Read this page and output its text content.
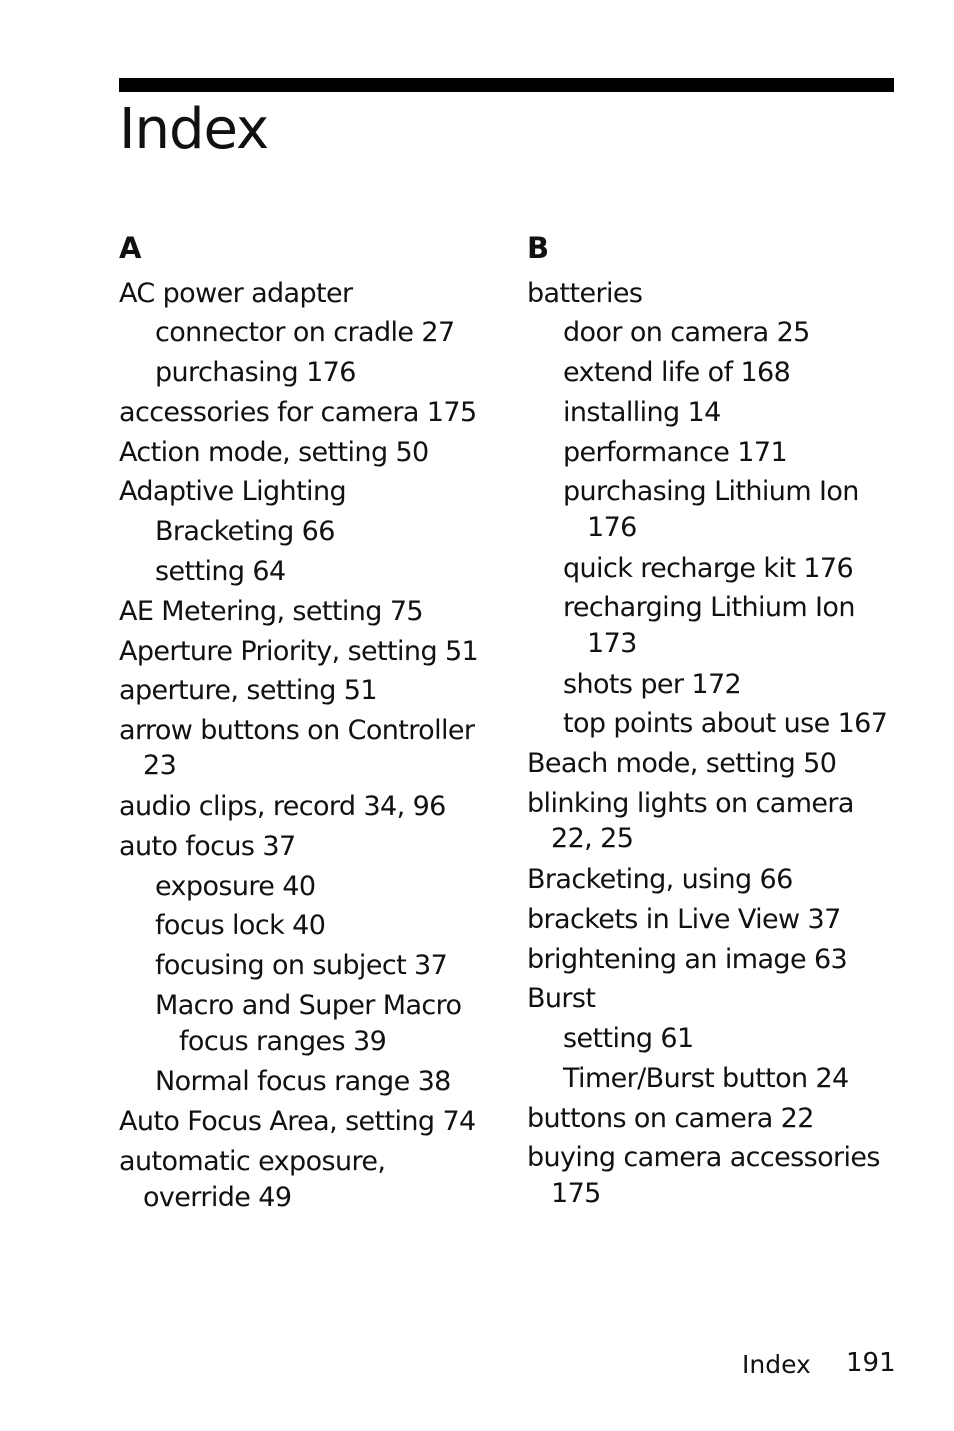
Index
A
AC power adapter
connector on cradle 27
purchasing 176
accessories for camera 175
Action mode, setting 50
Adaptive Lighting
Bracketing 66
setting 64
AE Metering, setting 75
Aperture Priority, setting 51
aperture, setting 51
arrow buttons on Controller
23
audio clips, record 34, 96
auto focus 37
exposure 40
focus lock 40
focusing on subject 37
Macro and Super Macro
focus ranges 39
Normal focus range 38
Auto Focus Area, setting 74
automatic exposure,
override 49
B
batteries
door on camera 25
extend life of 168
installing 14
performance 171
purchasing Lithium Ion
176
quick recharge kit 176
recharging Lithium Ion
173
shots per 172
top points about use 167
Beach mode, setting 50
blinking lights on camera
22, 25
Bracketing, using 66
brackets in Live View 37
brightening an image 63
Burst
setting 61
Timer/Burst button 24
buttons on camera 22
buying camera accessories
175
Index 191
